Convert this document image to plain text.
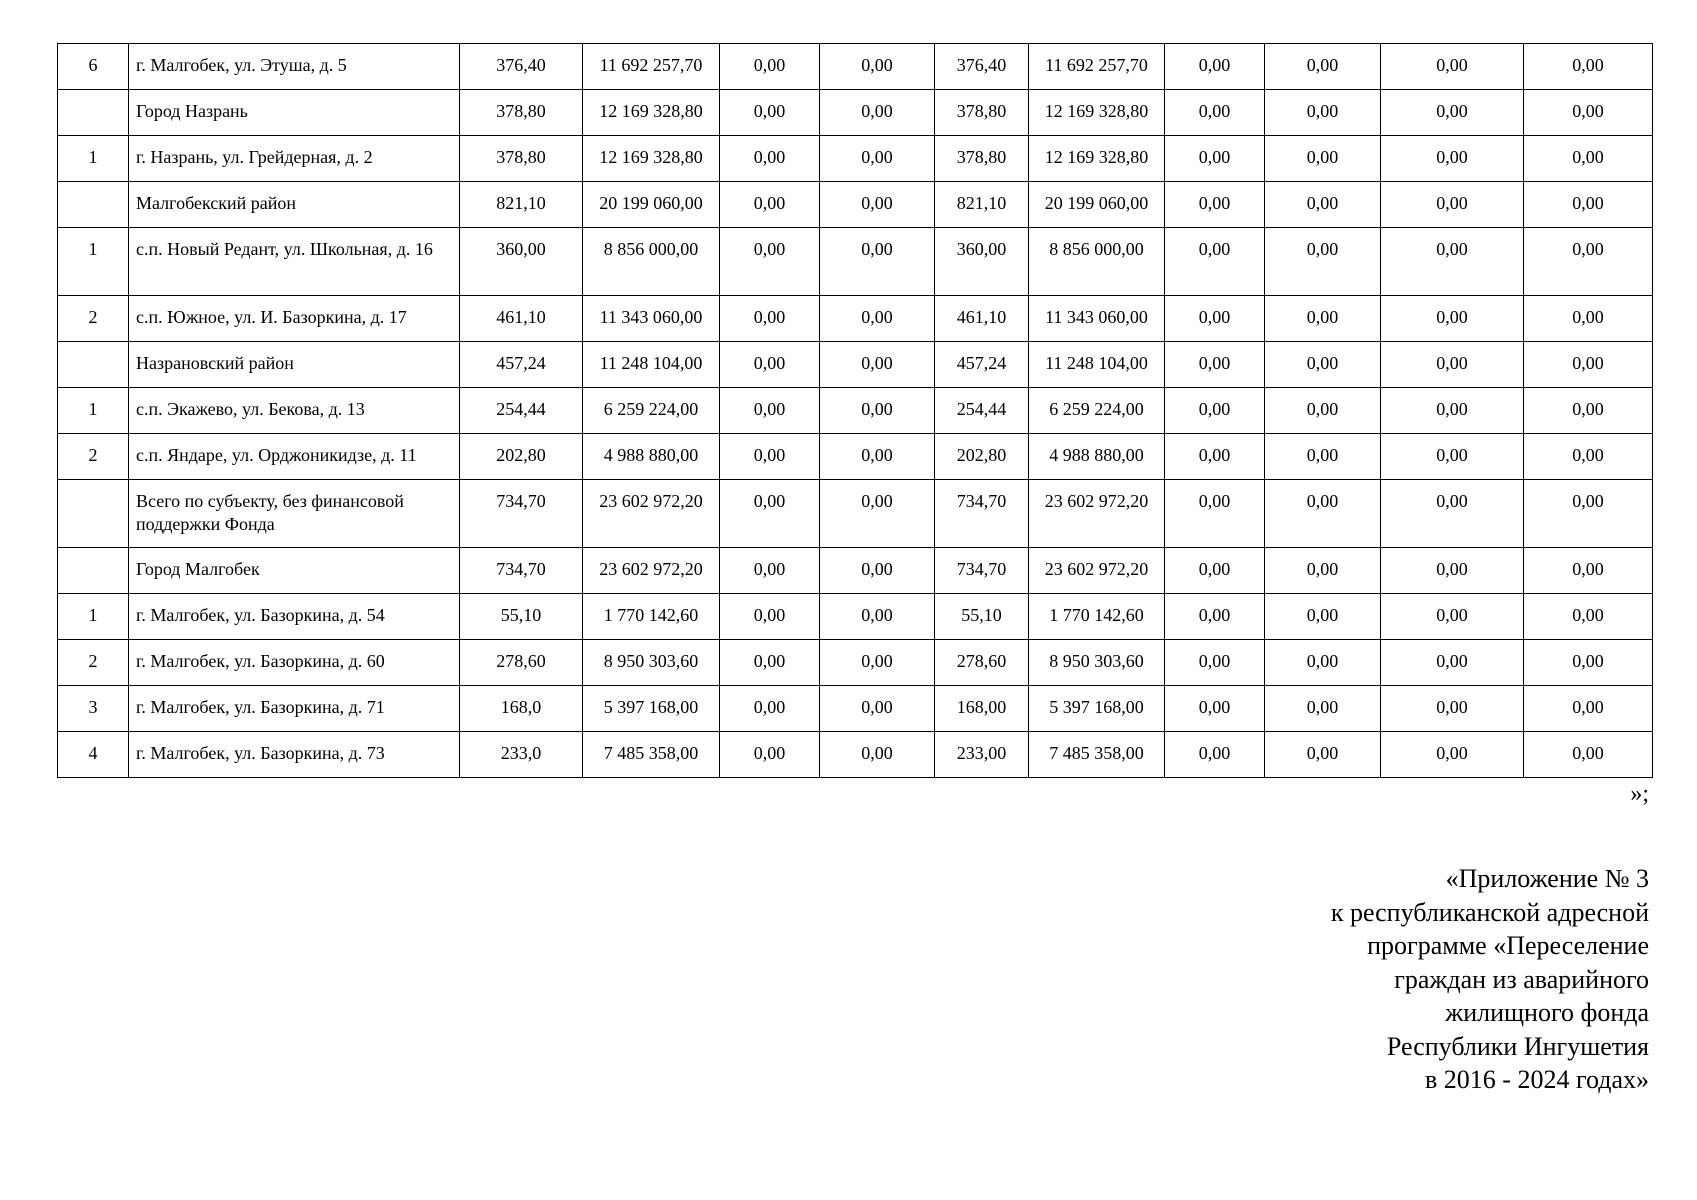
6	г. Малгобек, ул. Этуша, д. 5	376,40	11 692 257,70	0,00	0,00	376,40	11 692 257,70	0,00	0,00	0,00	0,00
	Город Назрань	378,80	12 169 328,80	0,00	0,00	378,80	12 169 328,80	0,00	0,00	0,00	0,00
1	г. Назрань, ул. Грейдерная, д. 2	378,80	12 169 328,80	0,00	0,00	378,80	12 169 328,80	0,00	0,00	0,00	0,00
	Малгобекский район	821,10	20 199 060,00	0,00	0,00	821,10	20 199 060,00	0,00	0,00	0,00	0,00
1	с.п. Новый Редант, ул. Школьная, д. 16	360,00	8 856 000,00	0,00	0,00	360,00	8 856 000,00	0,00	0,00	0,00	0,00
2	с.п. Южное, ул. И. Базоркина, д. 17	461,10	11 343 060,00	0,00	0,00	461,10	11 343 060,00	0,00	0,00	0,00	0,00
	Назрановский район	457,24	11 248 104,00	0,00	0,00	457,24	11 248 104,00	0,00	0,00	0,00	0,00
1	с.п. Экажево, ул. Бекова, д. 13	254,44	6 259 224,00	0,00	0,00	254,44	6 259 224,00	0,00	0,00	0,00	0,00
2	с.п. Яндаре, ул. Орджоникидзе, д. 11	202,80	4 988 880,00	0,00	0,00	202,80	4 988 880,00	0,00	0,00	0,00	0,00
	Всего по субъекту, без финансовой поддержки Фонда	734,70	23 602 972,20	0,00	0,00	734,70	23 602 972,20	0,00	0,00	0,00	0,00
	Город Малгобек	734,70	23 602 972,20	0,00	0,00	734,70	23 602 972,20	0,00	0,00	0,00	0,00
1	г. Малгобек, ул. Базоркина, д. 54	55,10	1 770 142,60	0,00	0,00	55,10	1 770 142,60	0,00	0,00	0,00	0,00
2	г. Малгобек, ул. Базоркина, д. 60	278,60	8 950 303,60	0,00	0,00	278,60	8 950 303,60	0,00	0,00	0,00	0,00
3	г. Малгобек, ул. Базоркина, д. 71	168,0	5 397 168,00	0,00	0,00	168,00	5 397 168,00	0,00	0,00	0,00	0,00
4	г. Малгобек, ул. Базоркина, д. 73	233,0	7 485 358,00	0,00	0,00	233,00	7 485 358,00	0,00	0,00	0,00	0,00
»;
«Приложение № 3
к республиканской адресной
программе «Переселение
граждан из аварийного
жилищного фонда
Республики Ингушетия
в 2016 - 2024 годах»
